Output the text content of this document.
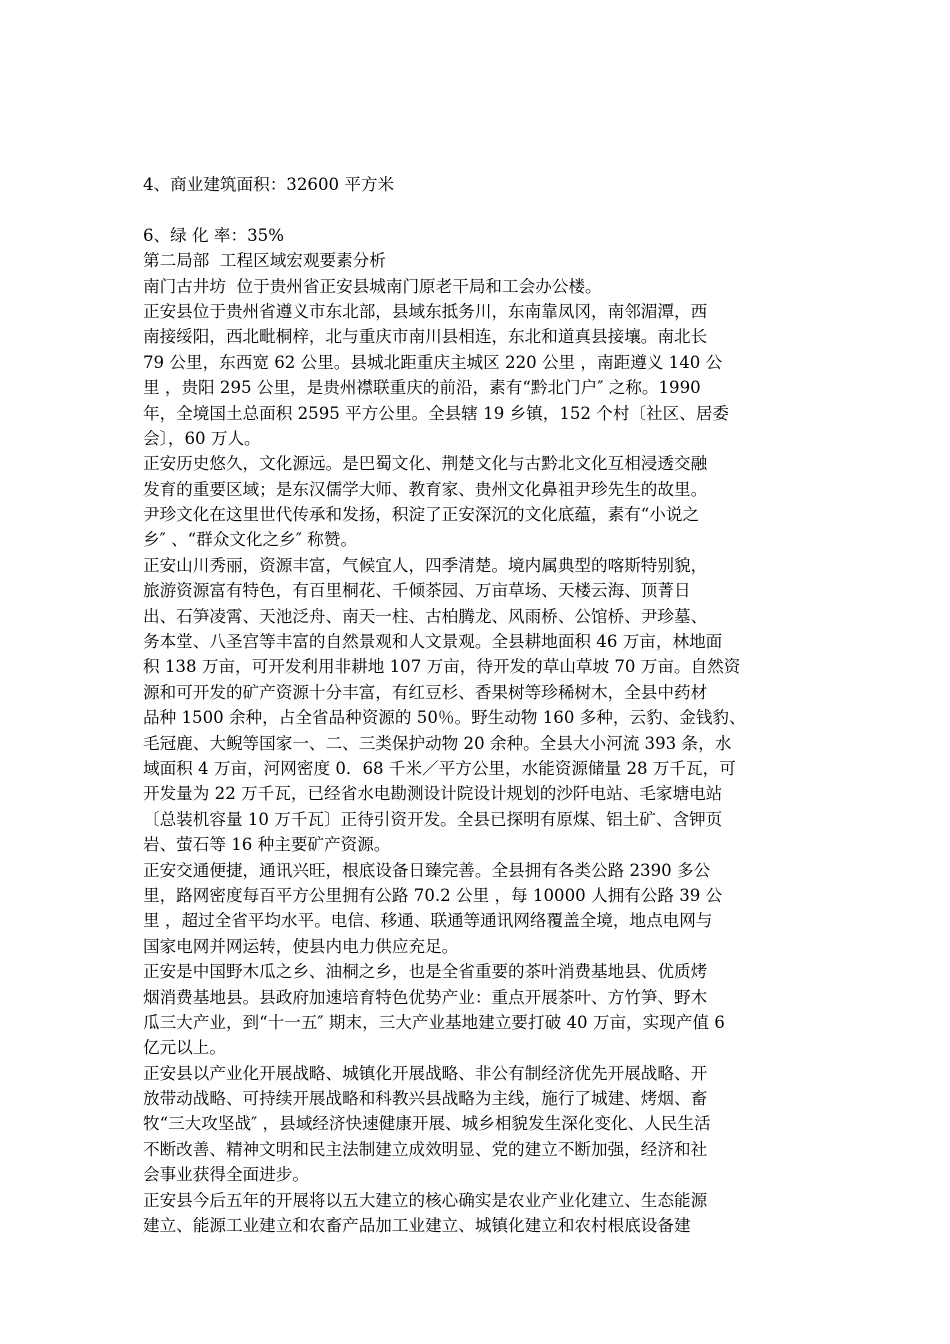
4、商业建筑面积：32600 平方米
6、绿 化 率：35%
第二局部  工程区域宏观要素分析
南门古井坊  位于贵州省正安县城南门原老干局和工会办公楼。
正安县位于贵州省遵义市东北部，县域东抵务川，东南靠凤冈，南邻湄潭，西
南接绥阳，西北毗桐梓，北与重庆市南川县相连，东北和道真县接壤。南北长
79 公里，东西宽 62 公里。县城北距重庆主城区 220 公里 ，南距遵义 140 公
里 ，贵阳 295 公里，是贵州襟联重庆的前沿，素有“黔北门户″ 之称。1990
年，全境国土总面积 2595 平方公里。全县辖 19 乡镇，152 个村〔社区、居委
会〕，60 万人。
正安历史悠久，文化源远。是巴蜀文化、荆楚文化与古黔北文化互相浸透交融
发育的重要区域；是东汉儒学大师、教育家、贵州文化鼻祖尹珍先生的故里。
尹珍文化在这里世代传承和发扬，积淀了正安深沉的文化底蕴，素有“小说之
乡″ 、“群众文化之乡″ 称赞。
正安山川秀丽，资源丰富，气候宜人，四季清楚。境内属典型的喀斯特别貌，
旅游资源富有特色，有百里桐花、千倾茶园、万亩草场、天楼云海、顶菁日
出、石笋凌霄、天池泛舟、南天一柱、古柏腾龙、风雨桥、公馆桥、尹珍墓、
务本堂、八圣宫等丰富的自然景观和人文景观。全县耕地面积 46 万亩，林地面
积 138 万亩，可开发利用非耕地 107 万亩，待开发的草山草坡 70 万亩。自然资
源和可开发的矿产资源十分丰富，有红豆杉、香果树等珍稀树木，全县中药材
品种 1500 余种，占全省品种资源的 50％。野生动物 160 多种，云豹、金钱豹、
毛冠鹿、大鲵等国家一、二、三类保护动物 20 余种。全县大小河流 393 条，水
域面积 4 万亩，河网密度 0．68 千米／平方公里，水能资源储量 28 万千瓦，可
开发量为 22 万千瓦，已经省水电勘测设计院设计规划的沙阡电站、毛家塘电站
〔总装机容量 10 万千瓦〕正待引资开发。全县已探明有原煤、铝土矿、含钾页
岩、萤石等 16 种主要矿产资源。
正安交通便捷，通讯兴旺，根底设备日臻完善。全县拥有各类公路 2390 多公
里，路网密度每百平方公里拥有公路 70.2 公里 ，每 10000 人拥有公路 39 公
里 ，超过全省平均水平。电信、移通、联通等通讯网络覆盖全境，地点电网与
国家电网并网运转，使县内电力供应充足。
正安是中国野木瓜之乡、油桐之乡，也是全省重要的茶叶消费基地县、优质烤
烟消费基地县。县政府加速培育特色优势产业：重点开展茶叶、方竹笋、野木
瓜三大产业，到“十一五″ 期末，三大产业基地建立要打破 40 万亩，实现产值 6
亿元以上。
正安县以产业化开展战略、城镇化开展战略、非公有制经济优先开展战略、开
放带动战略、可持续开展战略和科教兴县战略为主线，施行了城建、烤烟、畜
牧“三大攻坚战″ ，县域经济快速健康开展、城乡相貌发生深化变化、人民生活
不断改善、精神文明和民主法制建立成效明显、党的建立不断加强，经济和社
会事业获得全面进步。
正安县今后五年的开展将以五大建立的核心确实是农业产业化建立、生态能源
建立、能源工业建立和农畜产品加工业建立、城镇化建立和农村根底设备建
